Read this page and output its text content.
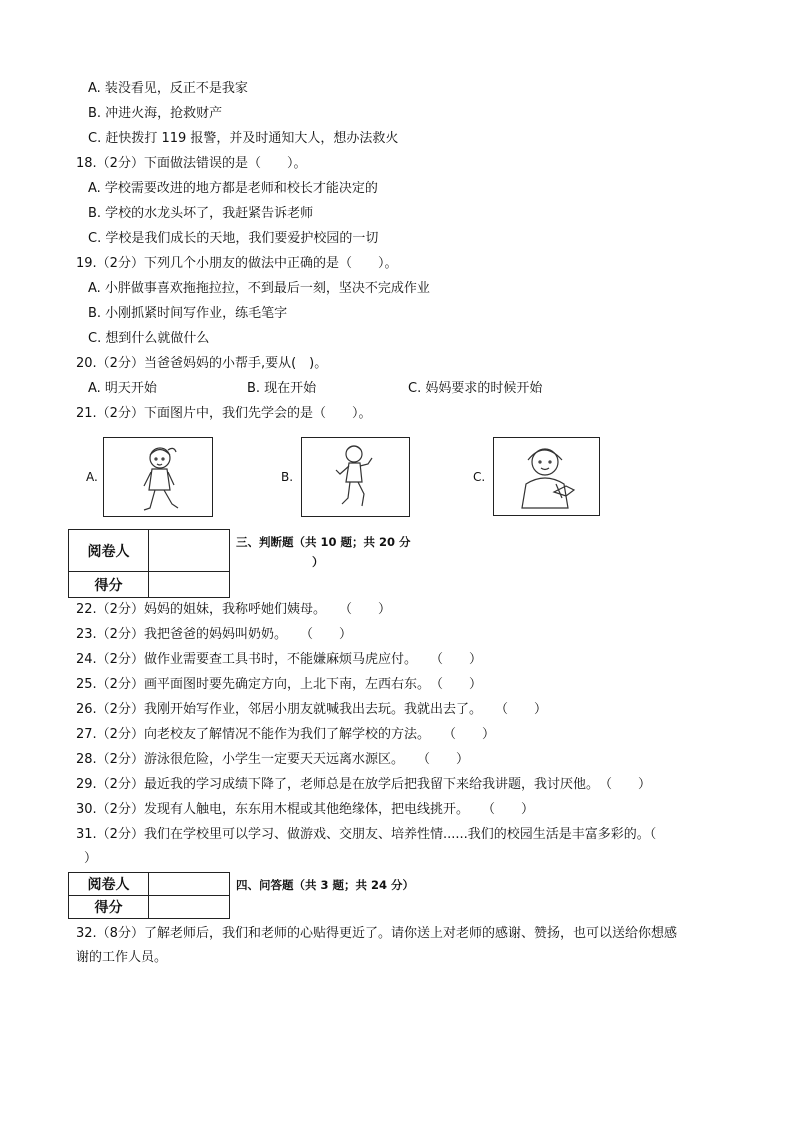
A. 装没看见，反正不是我家
B. 冲进火海，抢救财产
C. 赶快拨打 119 报警，并及时通知大人，想办法救火
18.（2分）下面做法错误的是（　　）。
A. 学校需要改进的地方都是老师和校长才能决定的
B. 学校的水龙头坏了，我赶紧告诉老师
C. 学校是我们成长的天地，我们要爱护校园的一切
19.（2分）下列几个小朋友的做法中正确的是（　　）。
A. 小胖做事喜欢拖拖拉拉，不到最后一刻，坚决不完成作业
B. 小刚抓紧时间写作业，练毛笔字
C. 想到什么就做什么
20.（2分）当爸爸妈妈的小帮手,要从(　)。
A. 明天开始	B. 现在开始	C. 妈妈要求的时候开始
21.（2分）下面图片中，我们先学会的是（　　）。
A.	B.	C.
阅卷人	
得分	
三、判断题（共 10 题；共 20 分
）
22.（2分）妈妈的姐妹，我称呼她们姨母。　　（　　）
23.（2分）我把爸爸的妈妈叫奶奶。　　（　　）
24.（2分）做作业需要查工具书时，不能嫌麻烦马虎应付。　　（　　）
25.（2分）画平面图时要先确定方向，上北下南，左西右东。　（　　）
26.（2分）我刚开始写作业，邻居小朋友就喊我出去玩。我就出去了。　　（　　）
27.（2分）向老校友了解情况不能作为我们了解学校的方法。　　（　　）
28.（2分）游泳很危险，小学生一定要天天远离水源区。　　（　　）
29.（2分）最近我的学习成绩下降了，老师总是在放学后把我留下来给我讲题，我讨厌他。　（　　）
30.（2分）发现有人触电，东东用木棍或其他绝缘体，把电线挑开。　　（　　）
31.（2分）我们在学校里可以学习、做游戏、交朋友、培养性情......我们的校园生活是丰富多彩的。（
）
阅卷人	
得分	
四、问答题（共 3 题；共 24 分）
32.（8分）了解老师后，我们和老师的心贴得更近了。请你送上对老师的感谢、赞扬，也可以送给你想感
谢的工作人员。
